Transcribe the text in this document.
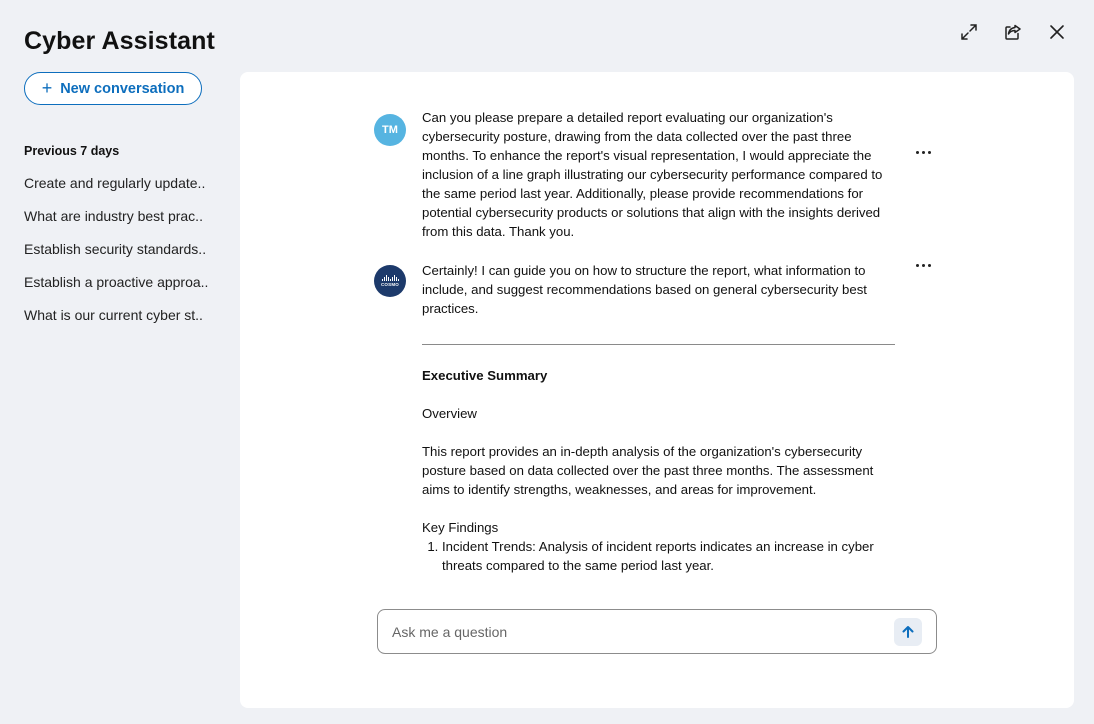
Cyber Assistant
+ New conversation
Previous 7 days
Create and regularly update..
What are industry best prac..
Establish security standards..
Establish a proactive approa..
What is our current cyber st..
TM
Can you please prepare a detailed report evaluating our organization's cybersecurity posture, drawing from the data collected over the past three months. To enhance the report's visual representation, I would appreciate the inclusion of a line graph illustrating our cybersecurity performance compared to the same period last year. Additionally, please provide recommendations for potential cybersecurity products or solutions that align with the insights derived from this data. Thank you.
COSMO
Certainly! I can guide you on how to structure the report, what information to include, and suggest recommendations based on general cybersecurity best practices.
Executive Summary
Overview
This report provides an in-depth analysis of the organization's cybersecurity posture based on data collected over the past three months. The assessment aims to identify strengths, weaknesses, and areas for improvement.
Key Findings
1. Incident Trends: Analysis of incident reports indicates an increase in cyber threats compared to the same period last year.
Ask me a question
